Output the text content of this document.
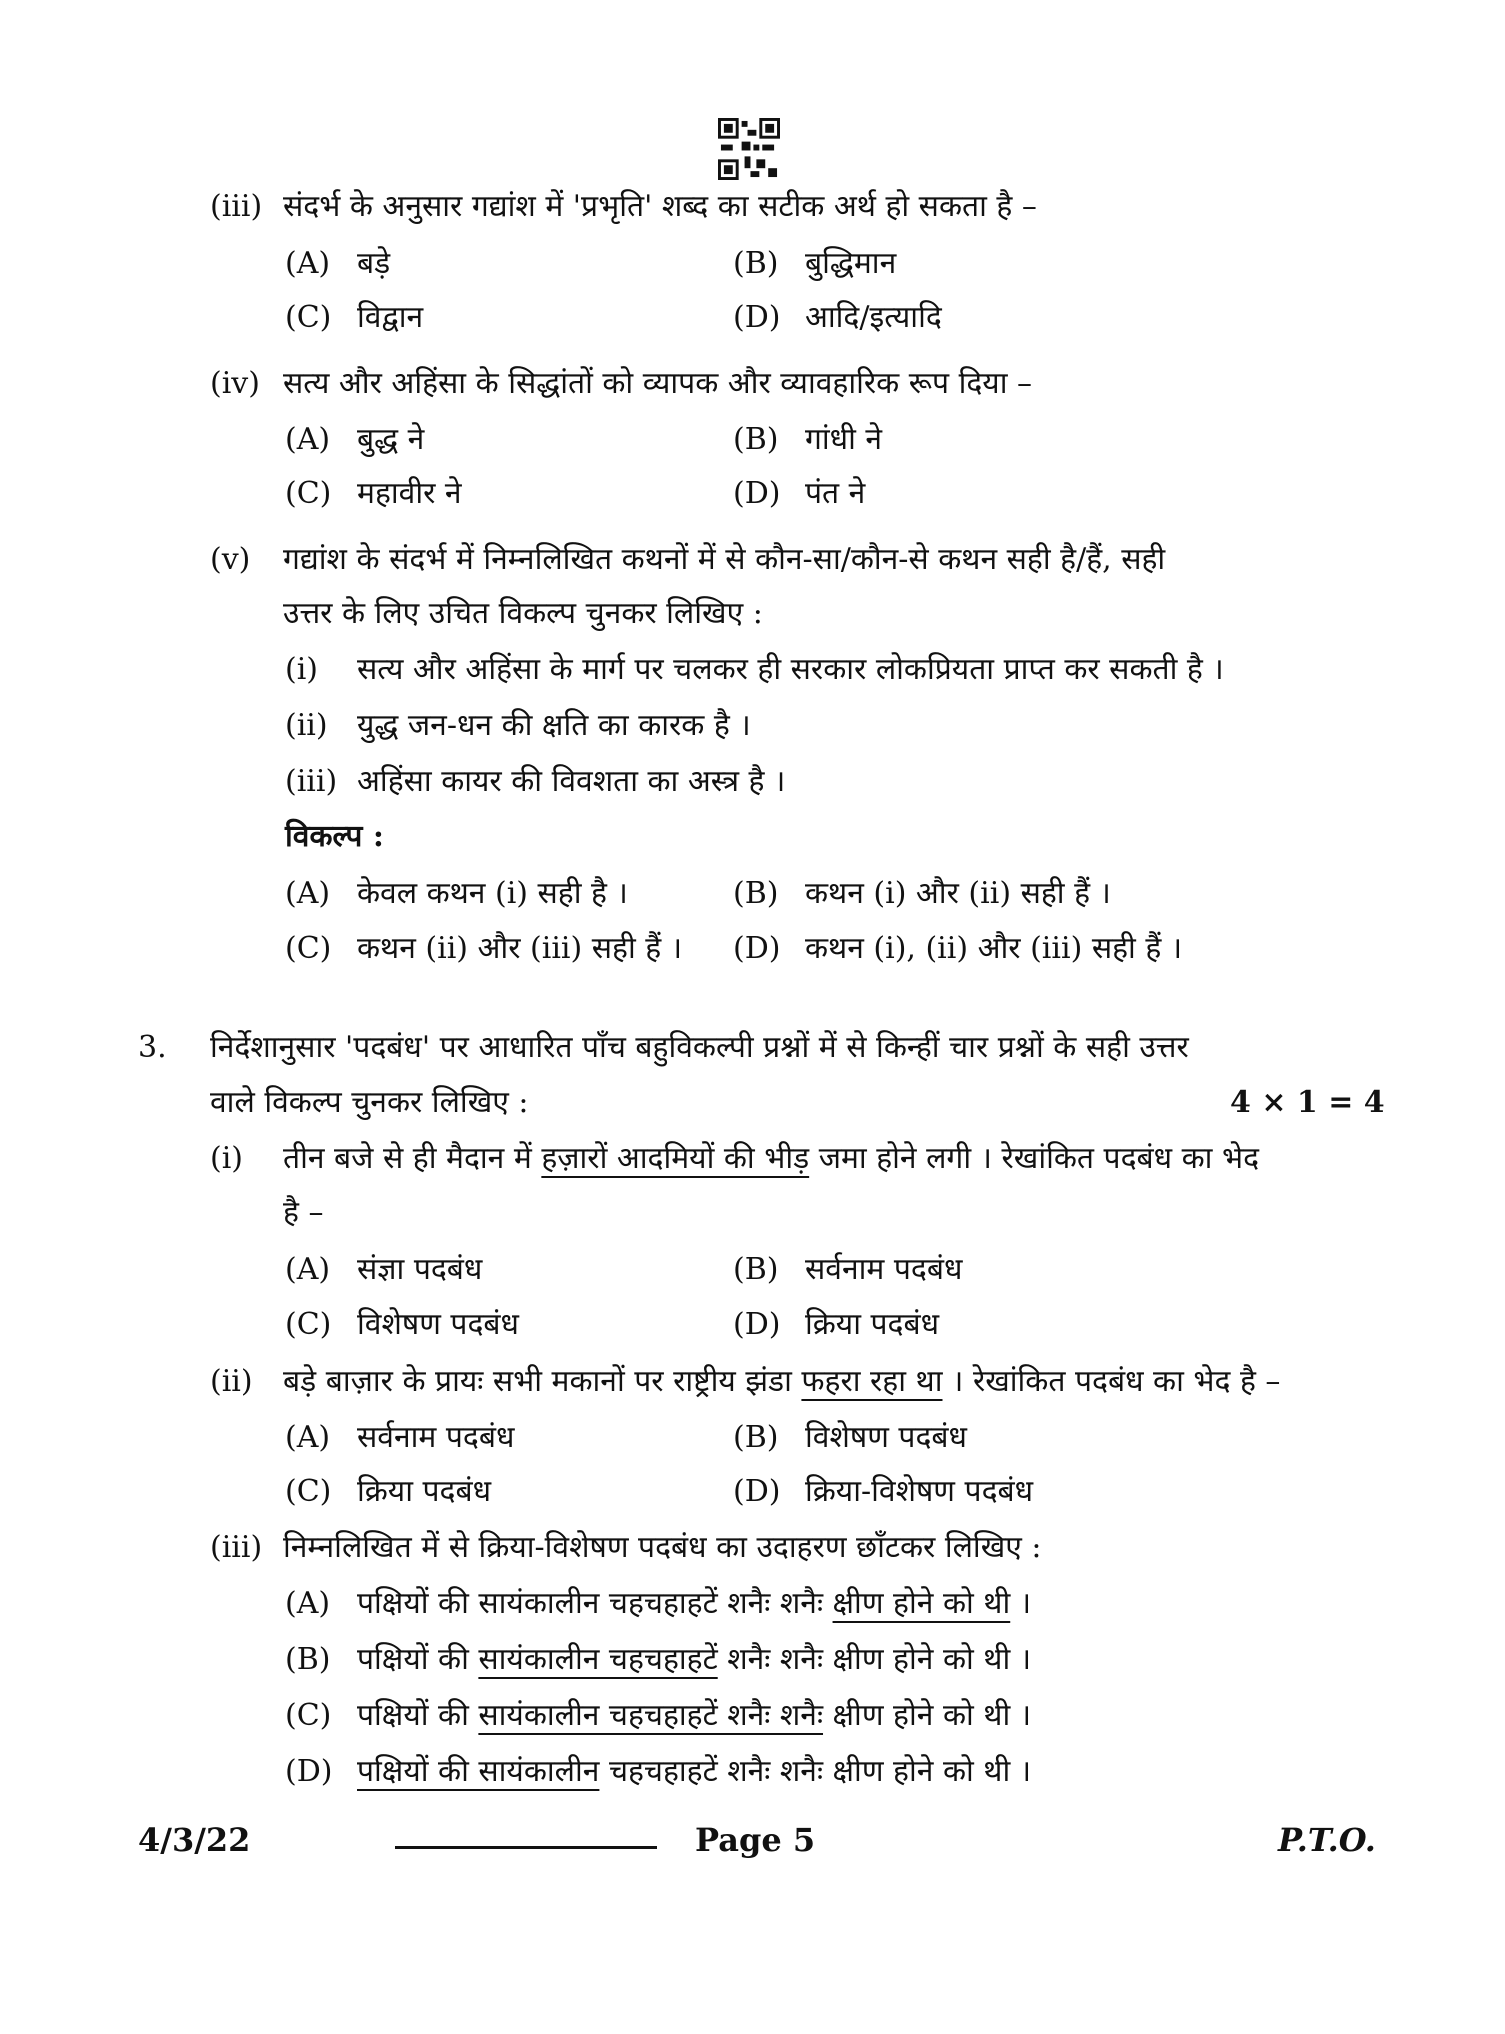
(iii) संदर्भ के अनुसार गद्यांश में 'प्रभृति' शब्द का सटीक अर्थ हो सकता है –
(A) बड़े	(B) बुद्धिमान
(C) विद्वान	(D) आदि/इत्यादि
(iv) सत्य और अहिंसा के सिद्धांतों को व्यापक और व्यावहारिक रूप दिया –
(A) बुद्ध ने	(B) गांधी ने
(C) महावीर ने	(D) पंत ने
(v) गद्यांश के संदर्भ में निम्नलिखित कथनों में से कौन-सा/कौन-से कथन सही है/हैं, सही
उत्तर के लिए उचित विकल्प चुनकर लिखिए :
(i) सत्य और अहिंसा के मार्ग पर चलकर ही सरकार लोकप्रियता प्राप्त कर सकती है ।
(ii) युद्ध जन-धन की क्षति का कारक है ।
(iii) अहिंसा कायर की विवशता का अस्त्र है ।
विकल्प :
(A) केवल कथन (i) सही है ।	(B) कथन (i) और (ii) सही हैं ।
(C) कथन (ii) और (iii) सही हैं । (D) कथन (i), (ii) और (iii) सही हैं ।
3. निर्देशानुसार 'पदबंध' पर आधारित पाँच बहुविकल्पी प्रश्नों में से किन्हीं चार प्रश्नों के सही उत्तर
वाले विकल्प चुनकर लिखिए :	4 × 1 = 4
(i) तीन बजे से ही मैदान में हज़ारों आदमियों की भीड़ जमा होने लगी । रेखांकित पदबंध का भेद
है –
(A) संज्ञा पदबंध	(B) सर्वनाम पदबंध
(C) विशेषण पदबंध	(D) क्रिया पदबंध
(ii) बड़े बाज़ार के प्रायः सभी मकानों पर राष्ट्रीय झंडा फहरा रहा था । रेखांकित पदबंध का भेद है –
(A) सर्वनाम पदबंध	(B) विशेषण पदबंध
(C) क्रिया पदबंध	(D) क्रिया-विशेषण पदबंध
(iii) निम्नलिखित में से क्रिया-विशेषण पदबंध का उदाहरण छाँटकर लिखिए :
(A) पक्षियों की सायंकालीन चहचहाहटें शनैः शनैः क्षीण होने को थी ।
(B) पक्षियों की सायंकालीन चहचहाहटें शनैः शनैः क्षीण होने को थी ।
(C) पक्षियों की सायंकालीन चहचहाहटें शनैः शनैः क्षीण होने को थी ।
(D) पक्षियों की सायंकालीन चहचहाहटें शनैः शनैः क्षीण होने को थी ।
4/3/22	Page 5	P.T.O.
